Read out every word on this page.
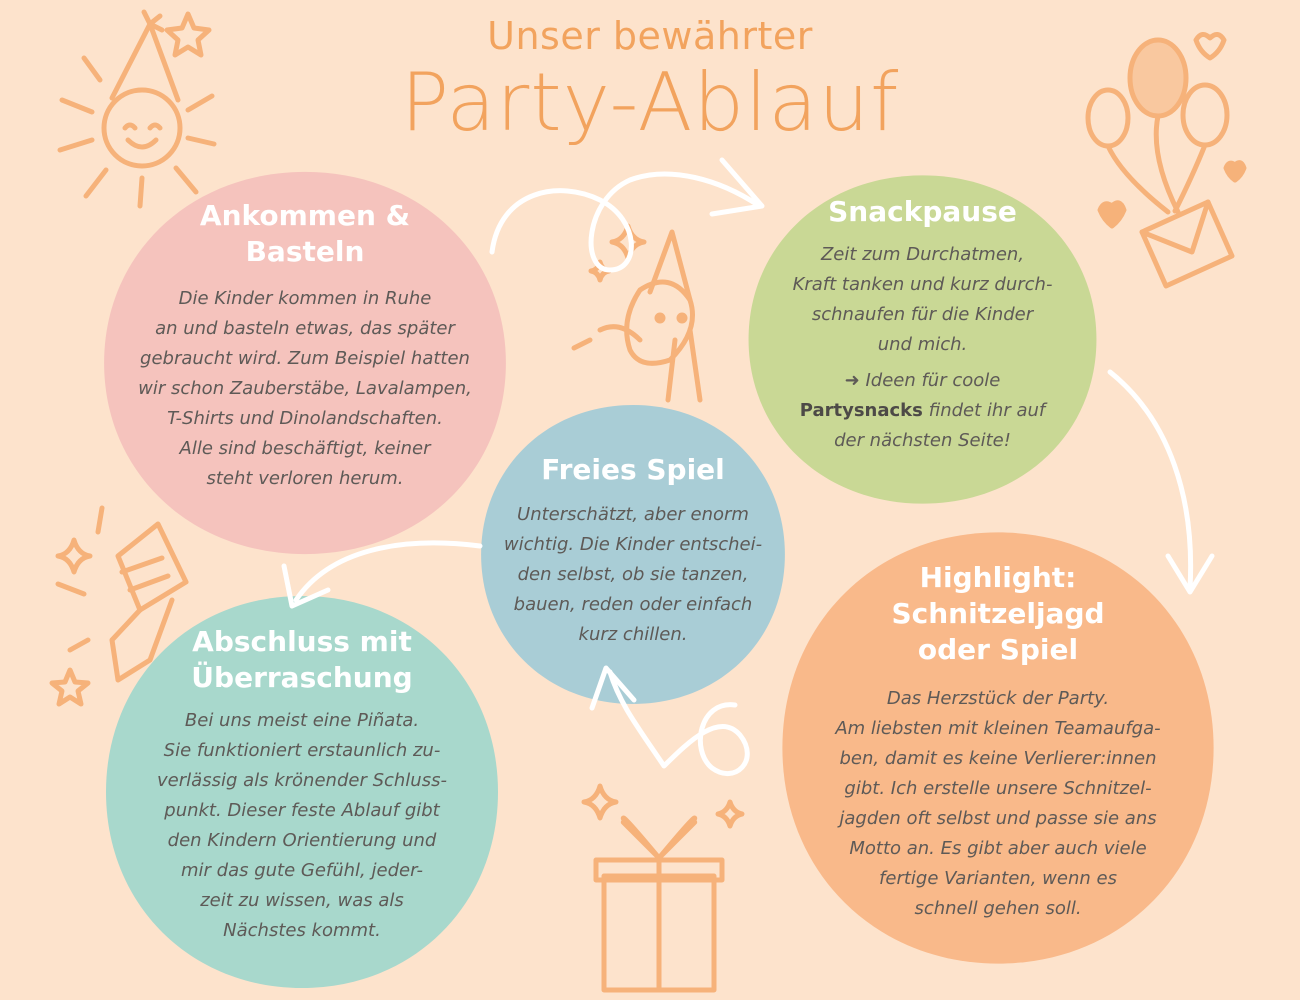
Unser bewährter
Party-Ablauf
Ankommen &
Basteln

Die Kinder kommen in Ruhe
an und basteln etwas, das später
gebraucht wird. Zum Beispiel hatten
wir schon Zauberstäbe, Lavalampen,
T-Shirts und Dinolandschaften.
Alle sind beschäftigt, keiner
steht verloren herum.

Snackpause

Zeit zum Durchatmen,
Kraft tanken und kurz durch-
schnaufen für die Kinder
und mich.

➜ Ideen für coole
Partysnacks findet ihr auf
der nächsten Seite!

Highlight:
Schnitzeljagd
oder Spiel

Das Herzstück der Party.
Am liebsten mit kleinen Teamaufga-
ben, damit es keine Verlierer:innen
gibt. Ich erstelle unsere Schnitzel-
jagden oft selbst und passe sie ans
Motto an. Es gibt aber auch viele
fertige Varianten, wenn es
schnell gehen soll.

Abschluss mit
Überraschung

Bei uns meist eine Piñata.
Sie funktioniert erstaunlich zu-
verlässig als krönender Schluss-
punkt. Dieser feste Ablauf gibt
den Kindern Orientierung und
mir das gute Gefühl, jeder-
zeit zu wissen, was als
Nächstes kommt.

Freies Spiel

Unterschätzt, aber enorm
wichtig. Die Kinder entschei-
den selbst, ob sie tanzen,
bauen, reden oder einfach
kurz chillen.
